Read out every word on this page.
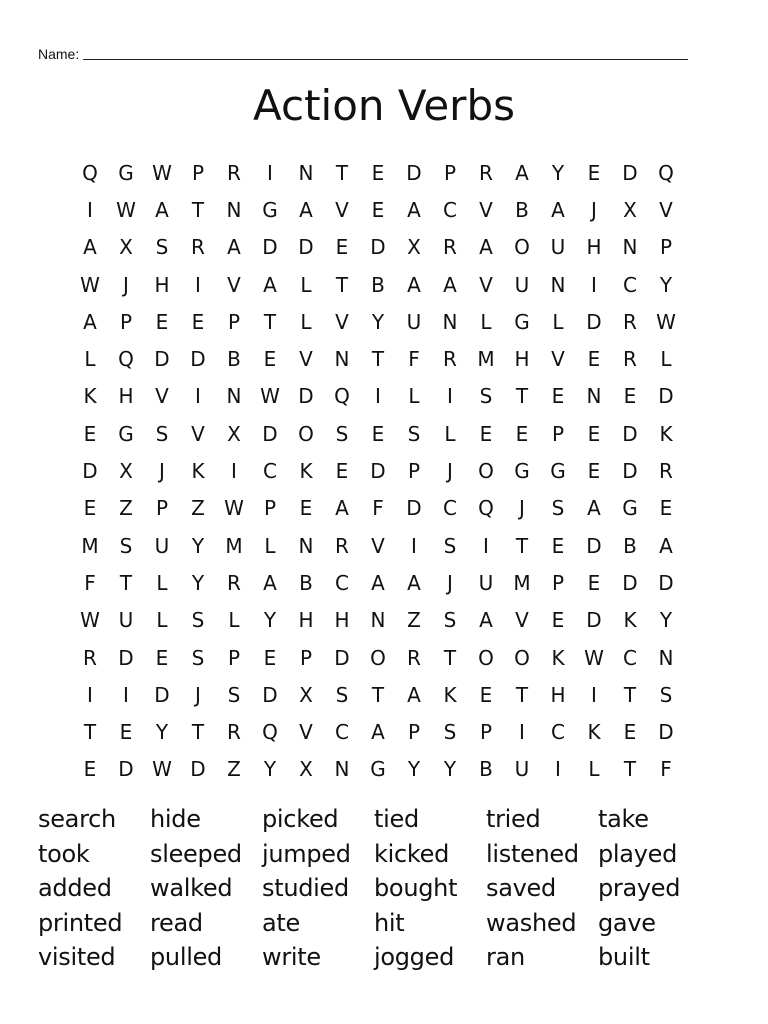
Name:
Action Verbs
Q	G W	P	R	I	N	T	E	D	P	R	A	Y	E	D	Q
I	W A	T	N	G	A	V	E	A	C	V	B	A	J	X	V
A	X	S	R	A	D	D	E	D	X	R	A	O	U	H	N	P
W	J	H	I	V	A	L	T	B	A	A	V	U	N	I	C	Y
A	P	E	E	P	T	L	V	Y	U	N	L	G	L	D	R W
L	Q	D	D	B	E	V	N	T	F	R	M H	V	E	R	L
K	H	V	I	N W D	Q	I	L	I	S	T	E	N	E	D
E	G	S	V	X	D	O	S	E	S	L	E	E	P	E	D	K
D	X	J	K	I	C	K	E	D	P	J	O	G	G	E	D	R
E	Z	P	Z W	P	E	A	F	D	C	Q	J	S	A	G	E
M	S	U	Y	M	L	N	R	V	I	S	I	T	E	D	B	A
F	T	L	Y	R	A	B	C	A	A	J	U	M	P	E	D	D
W U	L	S	L	Y	H	H	N	Z	S	A	V	E	D	K	Y
R	D	E	S	P	E	P	D	O	R	T	O	O	K W C	N
I	I	D	J	S	D	X	S	T	A	K	E	T	H	I	T	S
T	E	Y	T	R	Q	V	C	A	P	S	P	I	C	K	E	D
E	D W D	Z	Y	X	N	G	Y	Y	B	U	I	L	T	F
search	hide	picked	tied	tried	take
took	sleeped jumped kicked	listened played
added	walked	studied	bought	saved	prayed
printed	read	ate	hit	washed gave
visited	pulled	write	jogged	ran	built
